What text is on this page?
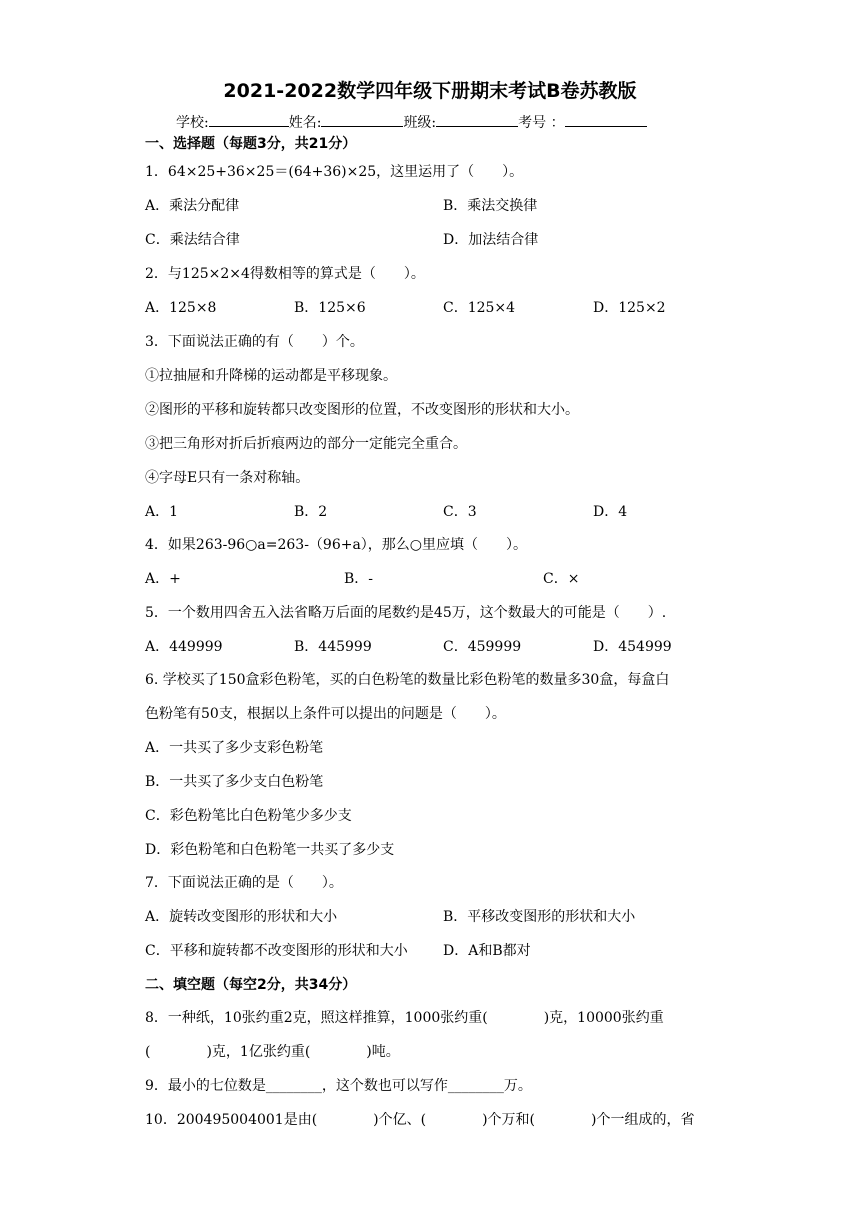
2021-2022数学四年级下册期末考试B卷苏教版
学校:	姓名:	班级:	考号 ：
一、选择题（每题3分，共21分）
1．64×25+36×25＝(64+36)×25，这里运用了（　　）。
A．乘法分配律	B．乘法交换律
C．乘法结合律	D．加法结合律
2．与125×2×4得数相等的算式是（　　）。
A．125×8	B．125×6	C．125×4	D．125×2
3．下面说法正确的有（　　）个。
①拉抽屉和升降梯的运动都是平移现象。
②图形的平移和旋转都只改变图形的位置，不改变图形的形状和大小。
③把三角形对折后折痕两边的部分一定能完全重合。
④字母E只有一条对称轴。
A．1	B．2	C．3	D．4
4．如果263-96○a=263-（96+a），那么○里应填（　　）。
A．+	B．-	C．×
5．一个数用四舍五入法省略万后面的尾数约是45万，这个数最大的可能是（　　）.
A．449999	B．445999	C．459999	D．454999
6. 学校买了150盒彩色粉笔，买的白色粉笔的数量比彩色粉笔的数量多30盒，每盒白
色粉笔有50支，根据以上条件可以提出的问题是（　　）。
A．一共买了多少支彩色粉笔
B．一共买了多少支白色粉笔
C．彩色粉笔比白色粉笔少多少支
D．彩色粉笔和白色粉笔一共买了多少支
7．下面说法正确的是（　　）。
A．旋转改变图形的形状和大小	B．平移改变图形的形状和大小
C．平移和旋转都不改变图形的形状和大小	D．A和B都对
二、填空题（每空2分，共34分）
8．一种纸，10张约重2克，照这样推算，1000张约重(　　　　)克，10000张约重
(　　　　)克，1亿张约重(　　　　)吨。
9．最小的七位数是________，这个数也可以写作________万。
10．200495004001是由(　　　　)个亿、(　　　　)个万和(　　　　)个一组成的，省
